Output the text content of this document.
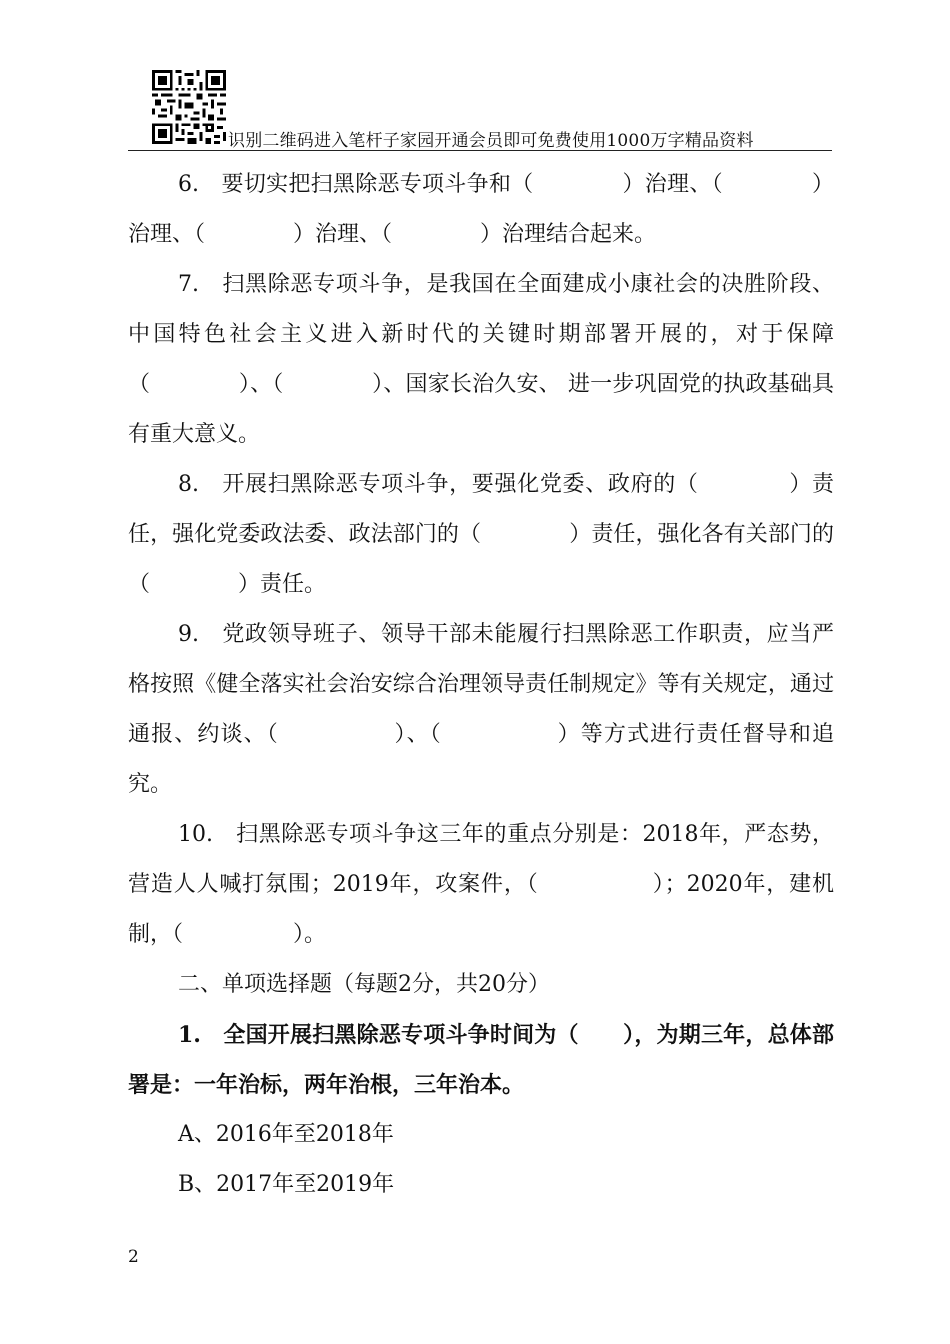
识别二维码进入笔杆子家园开通会员即可免费使用1000万字精品资料

6.　要切实把扫黑除恶专项斗争和（　　　　）治理、（　　　　）治理、（　　　　）治理、（　　　　）治理结合起来。

7.　扫黑除恶专项斗争，是我国在全面建成小康社会的决胜阶段、中国特色社会主义进入新时代的关键时期部署开展的，对于保障 （　　　　）、（　　　　）、国家长治久安、 进一步巩固党的执政基础具有重大意义。

8.　开展扫黑除恶专项斗争，要强化党委、政府的（　　　　）责任，强化党委政法委、政法部门的（　　　　）责任，强化各有关部门的（　　　　）责任。

9.　党政领导班子、领导干部未能履行扫黑除恶工作职责，应当严格按照《健全落实社会治安综合治理领导责任制规定》等有关规定，通过通报、约谈、（　　　　　）、（　　　　　）等方式进行责任督导和追究。

10.　扫黑除恶专项斗争这三年的重点分别是：2018年，严态势，营造人人喊打氛围；2019年，攻案件，（　　　　　）；2020年，建机制，（　　　　　）。

二、单项选择题（每题2分，共20分）

1.　全国开展扫黑除恶专项斗争时间为（　　），为期三年，总体部署是：一年治标，两年治根，三年治本。

A、2016年至2018年

B、2017年至2019年

2
